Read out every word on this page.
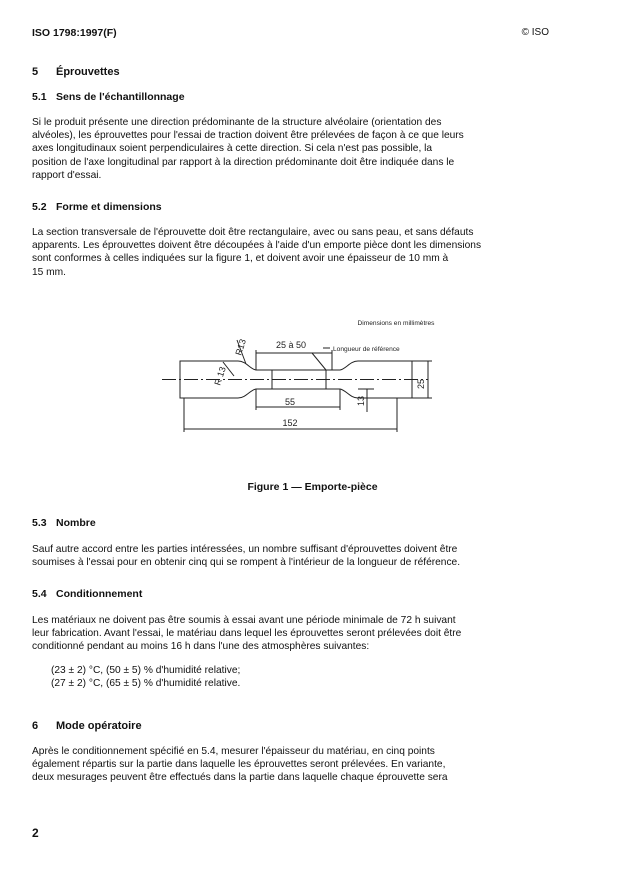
ISO 1798:1997(F)	© ISO
5 Éprouvettes
5.1 Sens de l'échantillonnage

Si le produit présente une direction prédominante de la structure alvéolaire (orientation des

alvéoles), les éprouvettes pour l'essai de traction doivent être prélevées de façon à ce que leurs

axes longitudinaux soient perpendiculaires à cette direction. Si cela n'est pas possible, la

position de l'axe longitudinal par rapport à la direction prédominante doit être indiquée dans le

rapport d'essai.

5.2 Forme et dimensions

La section transversale de l'éprouvette doit être rectangulaire, avec ou sans peau, et sans défauts

apparents. Les éprouvettes doivent être découpées à l'aide d'un emporte pièce dont les dimensions

sont conformes à celles indiquées sur la figure 1, et doivent avoir une épaisseur de 10 mm à

15 mm.

Dimensions en millimètres
25 à 50	Longueur de référence
R13
R 13	25
13
55
152
Figure 1 — Emporte-pièce
5.3 Nombre

Sauf autre accord entre les parties intéressées, un nombre suffisant d'éprouvettes doivent être

soumises à l'essai pour en obtenir cinq qui se rompent à l'intérieur de la longueur de référence.

5.4 Conditionnement

Les matériaux ne doivent pas être soumis à essai avant une période minimale de 72 h suivant

leur fabrication. Avant l'essai, le matériau dans lequel les éprouvettes seront prélevées doit être

conditionné pendant au moins 16 h dans l'une des atmosphères suivantes:

(23 ± 2) °C, (50 ± 5) % d'humidité relative;
(27 ± 2) °C, (65 ± 5) % d'humidité relative.
6 Mode opératoire

Après le conditionnement spécifié en 5.4, mesurer l'épaisseur du matériau, en cinq points

également répartis sur la partie dans laquelle les éprouvettes seront prélevées. En variante,

deux mesurages peuvent être effectués dans la partie dans laquelle chaque éprouvette sera

2
